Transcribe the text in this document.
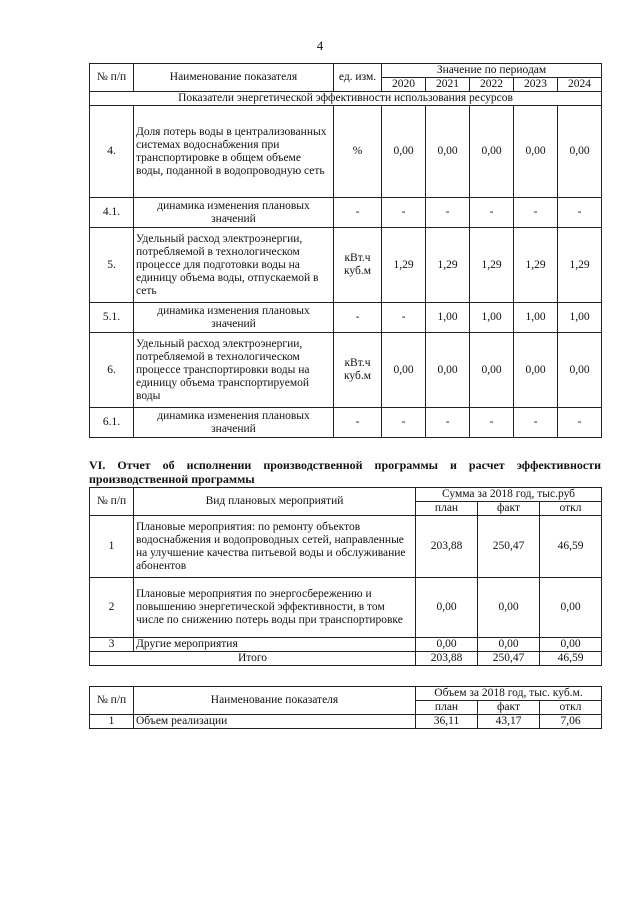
4
№ п/п	Наименование показателя	ед. изм.	Значение по периодам				
			2020	2021	2022	2023	2024
Показатели энергетической эффективности использования ресурсов							
4.	Доля потерь воды в централизованных системах водоснабжения при транспортировке в общем объеме воды, поданной в водопроводную сеть	%	0,00	0,00	0,00	0,00	0,00
4.1.	динамика изменения плановых значений	-	-	-	-	-	-
5.	Удельный расход электроэнергии, потребляемой в технологическом процессе для подготовки воды на единицу объема воды, отпускаемой в сеть	кВт.ч куб.м	1,29	1,29	1,29	1,29	1,29
5.1.	динамика изменения плановых значений	-	-	1,00	1,00	1,00	1,00
6.	Удельный расход электроэнергии, потребляемой в технологическом процессе транспортировки воды на единицу объема транспортируемой воды	кВт.ч куб.м	0,00	0,00	0,00	0,00	0,00
6.1.	динамика изменения плановых значений	-	-	-	-	-	-
VI. Отчет об исполнении производственной программы и расчет эффективности производственной программы
№ п/п	Вид плановых мероприятий	Сумма за 2018 год, тыс.руб		
		план	факт	откл
1	Плановые мероприятия: по ремонту объектов водоснабжения и водопроводных сетей, направленные на улучшение качества питьевой воды и обслуживание абонентов	203,88	250,47	46,59
2	Плановые мероприятия по энергосбережению и повышению энергетической эффективности, в том числе по снижению потерь воды при транспортировке	0,00	0,00	0,00
3	Другие мероприятия	0,00	0,00	0,00
Итого		203,88	250,47	46,59
№ п/п	Наименование показателя	Объем за 2018 год, тыс. куб.м.		
		план	факт	откл
1	Объем реализации	36,11	43,17	7,06
